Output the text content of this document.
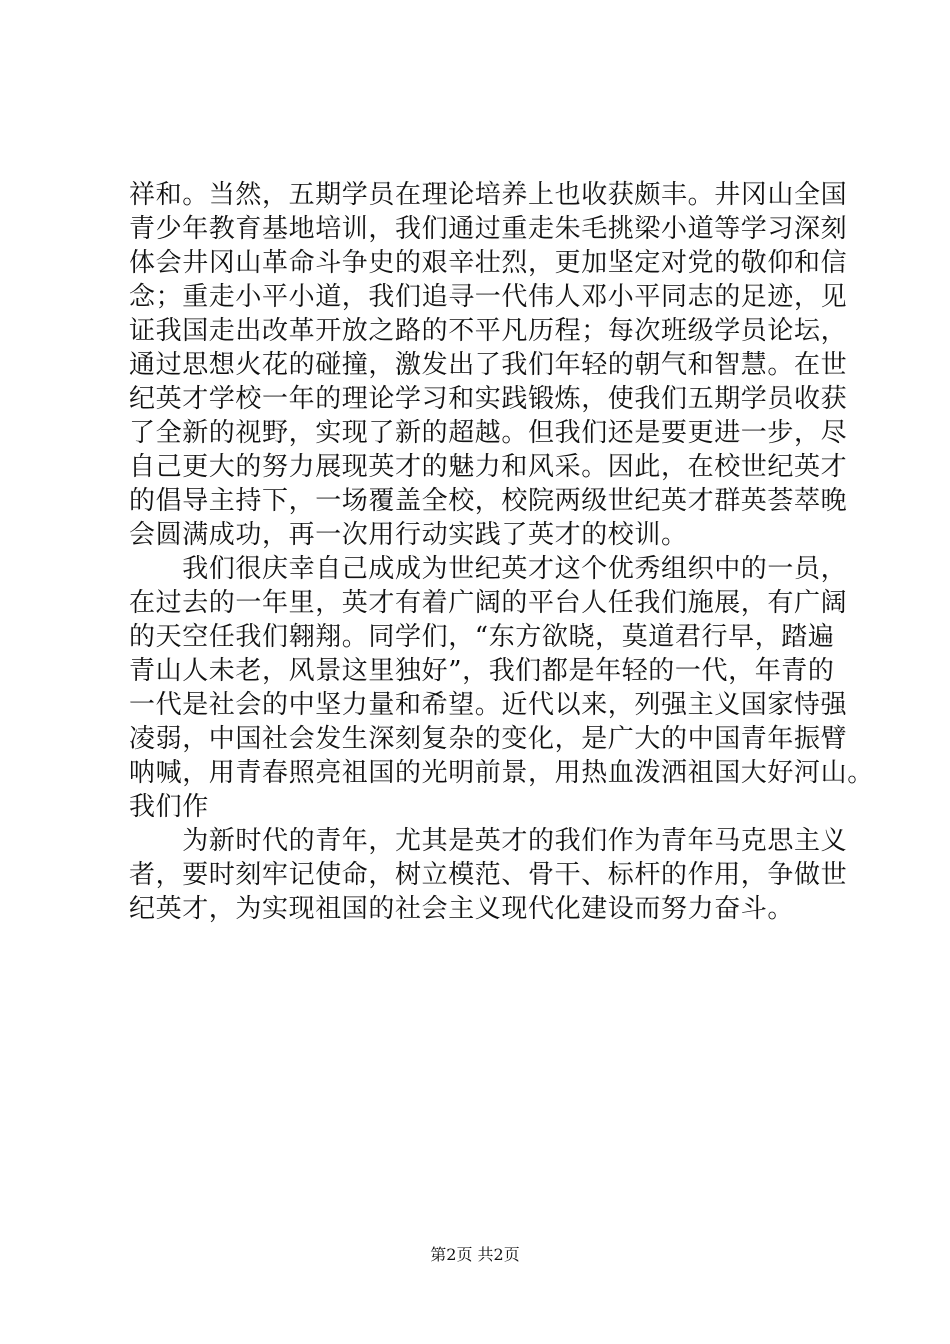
祥和。当然，五期学员在理论培养上也收获颇丰。井冈山全国
青少年教育基地培训，我们通过重走朱毛挑梁小道等学习深刻
体会井冈山革命斗争史的艰辛壮烈，更加坚定对党的敬仰和信
念；重走小平小道，我们追寻一代伟人邓小平同志的足迹，见
证我国走出改革开放之路的不平凡历程；每次班级学员论坛，
通过思想火花的碰撞，激发出了我们年轻的朝气和智慧。在世
纪英才学校一年的理论学习和实践锻炼，使我们五期学员收获
了全新的视野，实现了新的超越。但我们还是要更进一步，尽
自己更大的努力展现英才的魅力和风采。因此，在校世纪英才
的倡导主持下，一场覆盖全校，校院两级世纪英才群英荟萃晚
会圆满成功，再一次用行动实践了英才的校训。
　　我们很庆幸自己成成为世纪英才这个优秀组织中的一员，
在过去的一年里，英才有着广阔的平台人任我们施展，有广阔
的天空任我们翱翔。同学们，“东方欲晓，莫道君行早，踏遍
青山人未老，风景这里独好”，我们都是年轻的一代，年青的
一代是社会的中坚力量和希望。近代以来，列强主义国家恃强
凌弱，中国社会发生深刻复杂的变化，是广大的中国青年振臂
呐喊，用青春照亮祖国的光明前景，用热血泼洒祖国大好河山。
我们作
　　为新时代的青年，尤其是英才的我们作为青年马克思主义
者，要时刻牢记使命，树立模范、骨干、标杆的作用，争做世
纪英才，为实现祖国的社会主义现代化建设而努力奋斗。
第2页 共2页
